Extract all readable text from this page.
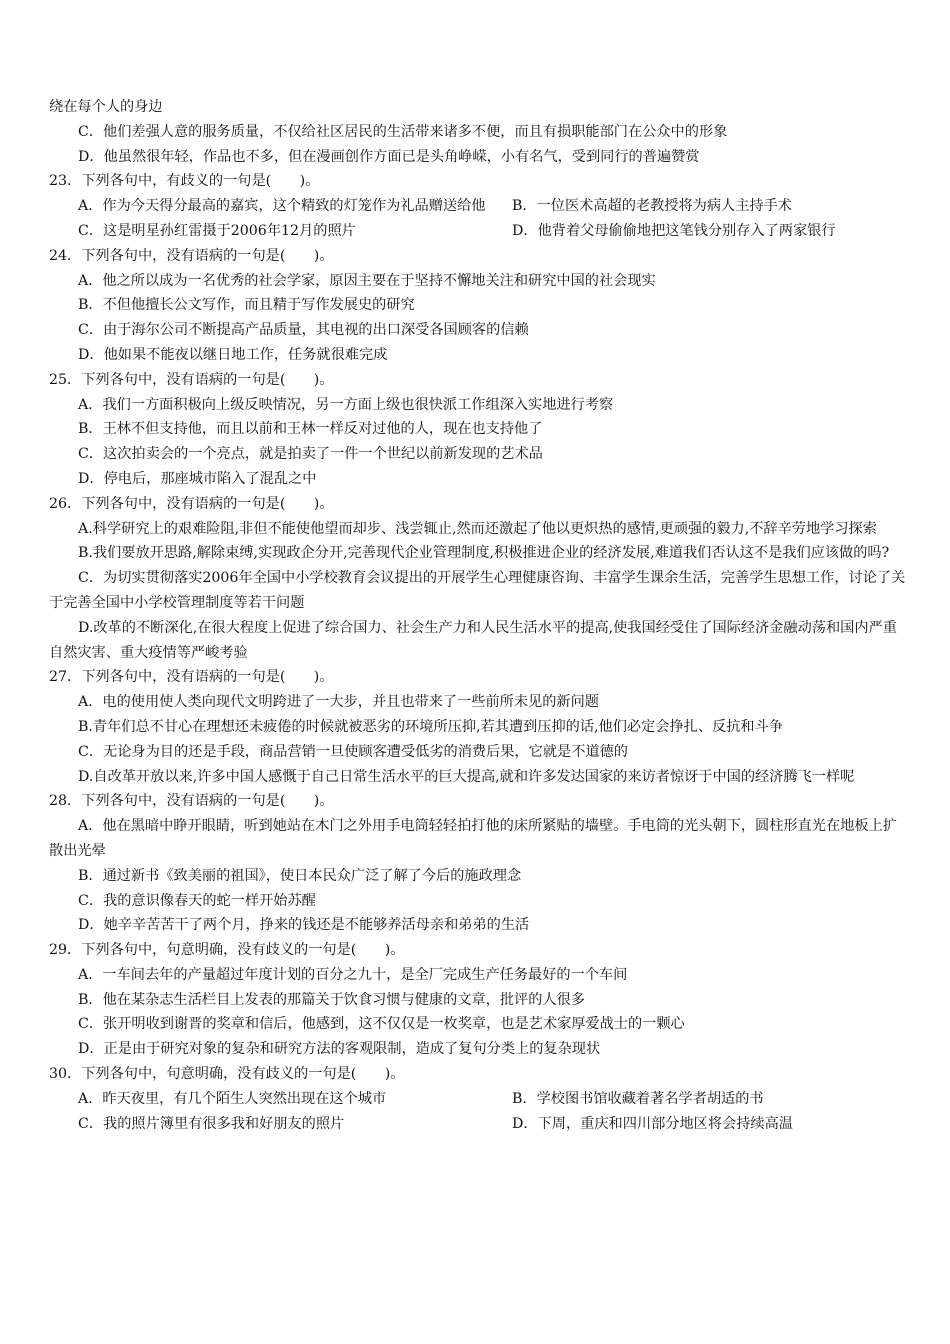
绕在每个人的身边
C．他们差强人意的服务质量，不仅给社区居民的生活带来诸多不便，而且有损职能部门在公众中的形象
D．他虽然很年轻，作品也不多，但在漫画创作方面已是头角峥嵘，小有名气，受到同行的普遍赞赏
23．下列各句中，有歧义的一句是(　　)。
A．作为今天得分最高的嘉宾，这个精致的灯笼作为礼品赠送给他	B．一位医术高超的老教授将为病人主持手术
C．这是明星孙红雷摄于2006年12月的照片	D．他背着父母偷偷地把这笔钱分别存入了两家银行
24．下列各句中，没有语病的一句是(　　)。
A．他之所以成为一名优秀的社会学家，原因主要在于坚持不懈地关注和研究中国的社会现实
B．不但他擅长公文写作，而且精于写作发展史的研究
C．由于海尔公司不断提高产品质量，其电视的出口深受各国顾客的信赖
D．他如果不能夜以继日地工作，任务就很难完成
25．下列各句中，没有语病的一句是(　　)。
A．我们一方面积极向上级反映情况，另一方面上级也很快派工作组深入实地进行考察
B．王林不但支持他，而且以前和王林一样反对过他的人，现在也支持他了
C．这次拍卖会的一个亮点，就是拍卖了一件一个世纪以前新发现的艺术品
D．停电后，那座城市陷入了混乱之中
26．下列各句中，没有语病的一句是(　　)。
A.科学研究上的艰难险阻,非但不能使他望而却步、浅尝辄止,然而还激起了他以更炽热的感情,更顽强的毅力,不辞辛劳地学习探索
B.我们要放开思路,解除束缚,实现政企分开,完善现代企业管理制度,积极推进企业的经济发展,难道我们否认这不是我们应该做的吗?
C．为切实贯彻落实2006年全国中小学校教育会议提出的开展学生心理健康咨询、丰富学生课余生活，完善学生思想工作，讨论了关于完善全国中小学校管理制度等若干问题
D.改革的不断深化,在很大程度上促进了综合国力、社会生产力和人民生活水平的提高,使我国经受住了国际经济金融动荡和国内严重自然灾害、重大疫情等严峻考验
27．下列各句中，没有语病的一句是(　　)。
A．电的使用使人类向现代文明跨进了一大步，并且也带来了一些前所未见的新问题
B.青年们总不甘心在理想还未疲倦的时候就被恶劣的环境所压抑,若其遭到压抑的话,他们必定会挣扎、反抗和斗争
C．无论身为目的还是手段，商品营销一旦使顾客遭受低劣的消费后果，它就是不道德的
D.自改革开放以来,许多中国人感慨于自己日常生活水平的巨大提高,就和许多发达国家的来访者惊讶于中国的经济腾飞一样呢
28．下列各句中，没有语病的一句是(　　)。
A．他在黑暗中睁开眼睛，听到她站在木门之外用手电筒轻轻拍打他的床所紧贴的墙壁。手电筒的光头朝下，圆柱形直光在地板上扩散出光晕
B．通过新书《致美丽的祖国》，使日本民众广泛了解了今后的施政理念
C．我的意识像春天的蛇一样开始苏醒
D．她辛辛苦苦干了两个月，挣来的钱还是不能够养活母亲和弟弟的生活
29．下列各句中，句意明确，没有歧义的一句是(　　)。
A．一车间去年的产量超过年度计划的百分之九十，是全厂完成生产任务最好的一个车间
B．他在某杂志生活栏目上发表的那篇关于饮食习惯与健康的文章，批评的人很多
C．张开明收到谢晋的奖章和信后，他感到，这不仅仅是一枚奖章，也是艺术家厚爱战士的一颗心
D．正是由于研究对象的复杂和研究方法的客观限制，造成了复句分类上的复杂现状
30．下列各句中，句意明确，没有歧义的一句是(　　)。
A．昨天夜里，有几个陌生人突然出现在这个城市	B．学校图书馆收藏着著名学者胡适的书
C．我的照片簿里有很多我和好朋友的照片	D．下周，重庆和四川部分地区将会持续高温
